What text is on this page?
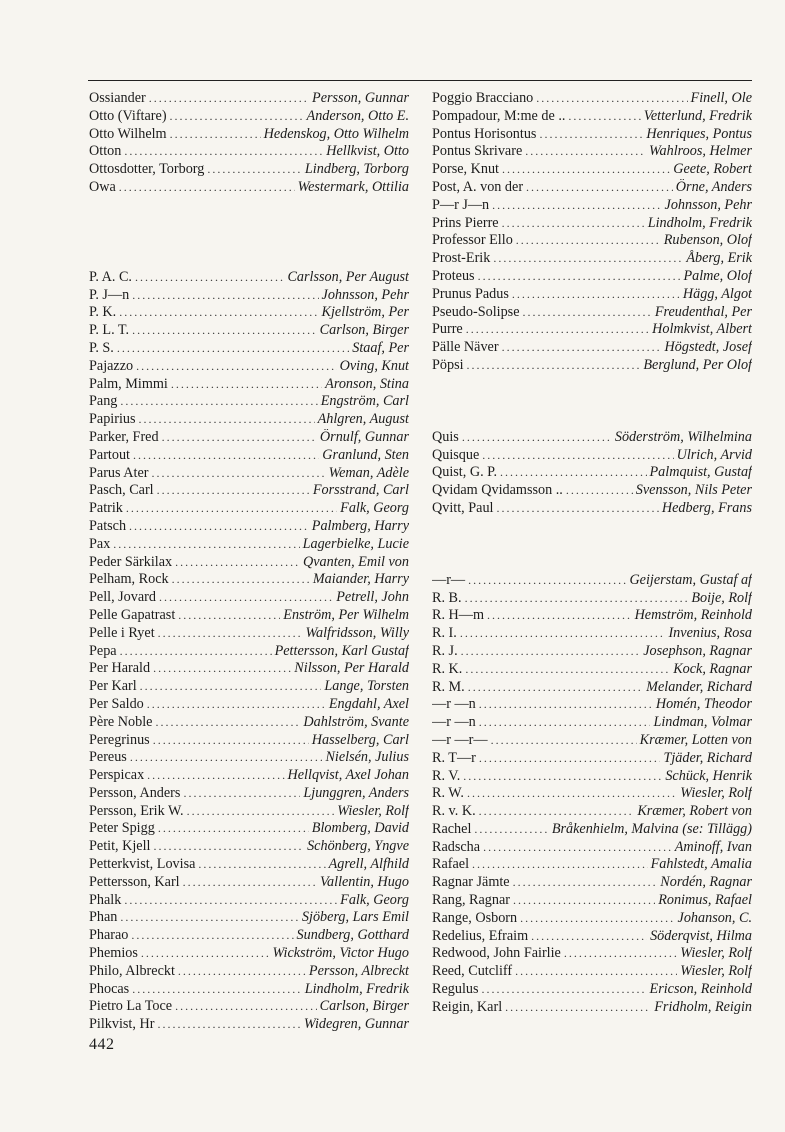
Ossiander .....	Persson, Gunnar
Otto (Viftare) .....	Anderson, Otto E.
Otto Wilhelm .....	Hedenskog, Otto Wilhelm
Otton .....	Hellkvist, Otto
Ottosdotter, Torborg .....	Lindberg, Torborg
Owa .....	Westermark, Ottilia
P. A. C. .....	Carlsson, Per August
P. J—n .....	Johnsson, Pehr
P. K. .....	Kjellström, Per
P. L. T. .....	Carlson, Birger
P. S. .....	Staaf, Per
Pajazzo .....	Oving, Knut
Palm, Mimmi .....	Aronson, Stina
Pang .....	Engström, Carl
Papirius .....	Ahlgren, August
Parker, Fred .....	Örnulf, Gunnar
Partout .....	Granlund, Sten
Parus Ater .....	Weman, Adèle
Pasch, Carl .....	Forsstrand, Carl
Patrik .....	Falk, Georg
Patsch .....	Palmberg, Harry
Pax .....	Lagerbielke, Lucie
Peder Särkilax .....	Qvanten, Emil von
Pelham, Rock .....	Maiander, Harry
Pell, Jovard .....	Petrell, John
Pelle Gapatrast .....	Enström, Per Wilhelm
Pelle i Ryet .....	Walfridsson, Willy
Pepa .....	Pettersson, Karl Gustaf
Per Harald .....	Nilsson, Per Harald
Per Karl .....	Lange, Torsten
Per Saldo .....	Engdahl, Axel
Père Noble .....	Dahlström, Svante
Peregrinus .....	Hasselberg, Carl
Pereus .....	Nielsén, Julius
Perspicax .....	Hellqvist, Axel Johan
Persson, Anders .....	Ljunggren, Anders
Persson, Erik W. .....	Wiesler, Rolf
Peter Spigg .....	Blomberg, David
Petit, Kjell .....	Schönberg, Yngve
Petterkvist, Lovisa .....	Agrell, Alfhild
Pettersson, Karl .....	Vallentin, Hugo
Phalk .....	Falk, Georg
Phan .....	Sjöberg, Lars Emil
Pharao .....	Sundberg, Gotthard
Phemios .....	Wickström, Victor Hugo
Philo, Albreckt .....	Persson, Albreckt
Phocas .....	Lindholm, Fredrik
Pietro La Toce .....	Carlson, Birger
Pilkvist, Hr .....	Widegren, Gunnar
Poggio Bracciano .....	Finell, Ole
Pompadour, M:me de .. .....	Vetterlund, Fredrik
Pontus Horisontus .....	Henriques, Pontus
Pontus Skrivare .....	Wahlroos, Helmer
Porse, Knut .....	Geete, Robert
Post, A. von der .....	Örne, Anders
P—r J—n .....	Johnsson, Pehr
Prins Pierre .....	Lindholm, Fredrik
Professor Ello .....	Rubenson, Olof
Prost-Erik .....	Åberg, Erik
Proteus .....	Palme, Olof
Prunus Padus .....	Hägg, Algot
Pseudo-Solipse .....	Freudenthal, Per
Purre .....	Holmkvist, Albert
Pälle Näver .....	Högstedt, Josef
Pöpsi .....	Berglund, Per Olof
Quis .....	Söderström, Wilhelmina
Quisque .....	Ulrich, Arvid
Quist, G. P. .....	Palmquist, Gustaf
Qvidam Qvidamsson .. .....	Svensson, Nils Peter
Qvitt, Paul .....	Hedberg, Frans
—r— .....	Geijerstam, Gustaf af
R. B. .....	Boije, Rolf
R. H—m .....	Hemström, Reinhold
R. I. .....	Invenius, Rosa
R. J. .....	Josephson, Ragnar
R. K. .....	Kock, Ragnar
R. M. .....	Melander, Richard
—r —n .....	Homén, Theodor
—r —n .....	Lindman, Volmar
—r —r— .....	Kræmer, Lotten von
R. T—r .....	Tjäder, Richard
R. V. .....	Schück, Henrik
R. W. .....	Wiesler, Rolf
R. v. K. .....	Kræmer, Robert von
Rachel .....	Bråkenhielm, Malvina (se: Tillägg)
Radscha .....	Aminoff, Ivan
Rafael .....	Fahlstedt, Amalia
Ragnar Jämte .....	Nordén, Ragnar
Rang, Ragnar .....	Ronimus, Rafael
Range, Osborn .....	Johanson, C.
Redelius, Efraim .....	Söderqvist, Hilma
Redwood, John Fairlie .....	Wiesler, Rolf
Reed, Cutcliff .....	Wiesler, Rolf
Regulus .....	Ericson, Reinhold
Reigin, Karl .....	Fridholm, Reigin
442
